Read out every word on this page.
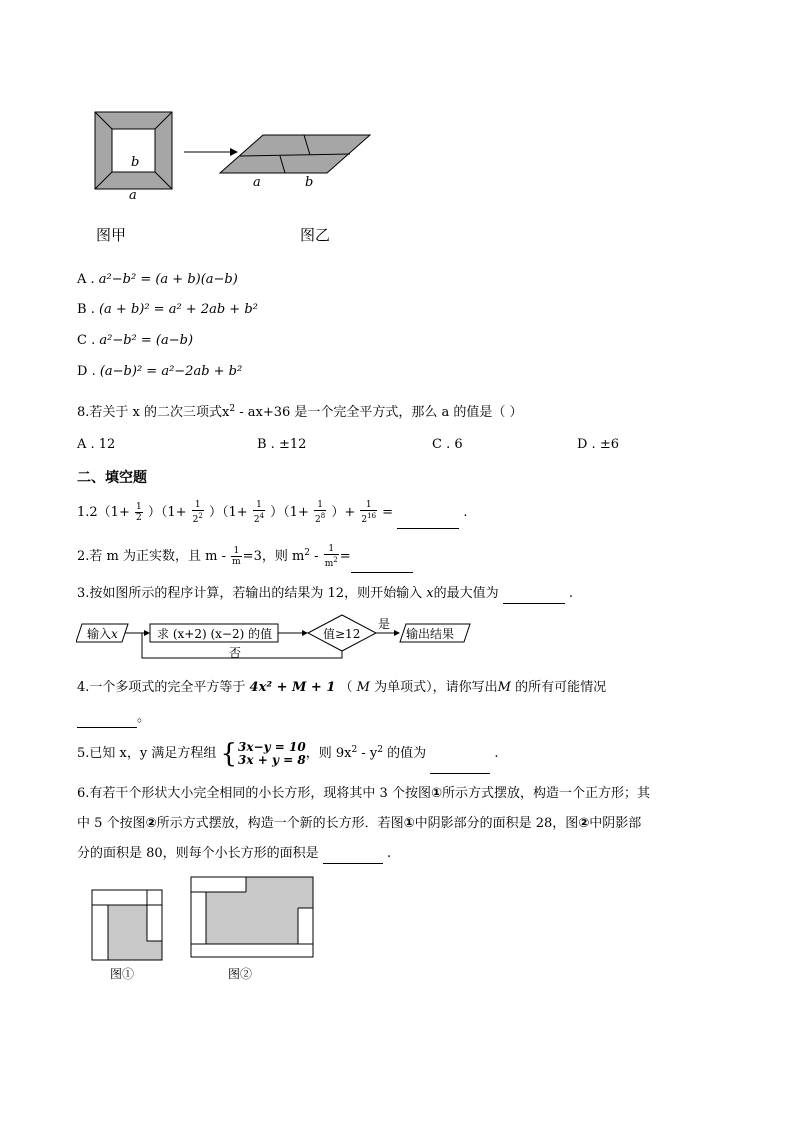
b
a
a	b
图甲	图乙
A . a²−b² = (a + b)(a−b)
B . (a + b)² = a² + 2ab + b²
C . a²−b² = (a−b)
D . (a−b)² = a²−2ab + b²
8.若关于 x 的二次三项式$x^2 - ax+36$ 是一个完全平方式，那么 a 的值是（ ）
A . 12	B . ±12	C . 6	D . ±6
二、填空题
$1.2(1+ \frac{1}{2} )(1+ \frac{1}{2^2} )(1+ \frac{1}{2^4} )(1+ \frac{1}{2^8}$ ）+ $\frac{1}{2^{16}}$ =	.
2.若 m 为正实数，且 $m - \frac{1}{m} =3$，则 $m^2 - \frac{1}{m^2}$ =
3.按如图所示的程序计算，若输出的结果为 12，则开始输入 x的最大值为	.
输入x	求 (x+2) (x−2) 的值	值≥12
是
否
输出结果
4.一个多项式的完全平方等于 4x² + M + 1 （ M 为单项式），请你写出M 的所有可能情况
。
5.已知 x，y 满足方程组 { 3x−y = 10
3x + y = 8 ，则 $9x^2 - y^2$ 的值为	.
6.有若干个形状大小完全相同的小长方形，现将其中 3 个按图①所示方式摆放，构造一个正方形；其
中 5 个按图②所示方式摆放，构造一个新的长方形．若图①中阴影部分的面积是 28，图②中阴影部
分的面积是 80，则每个小长方形的面积是	.
图①	图②
